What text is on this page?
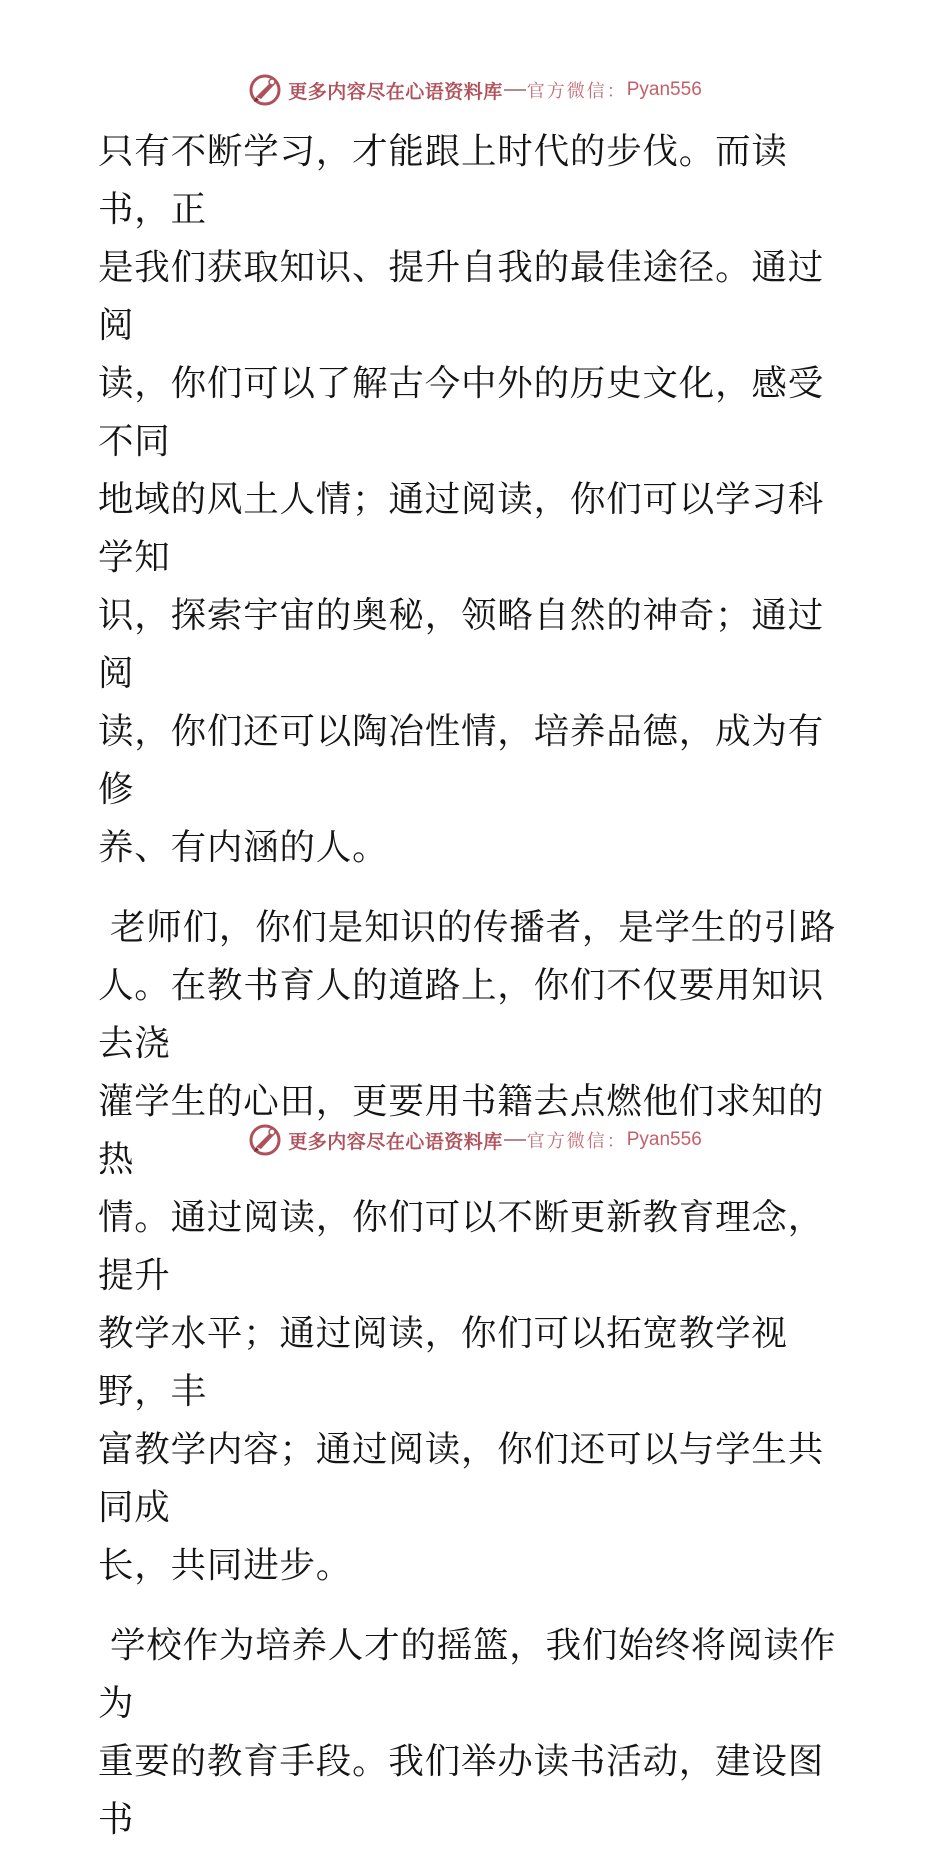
更多内容尽在心语资料库 官方微信： Pyan556
只有不断学习，才能跟上时代的步伐。而读书，正
是我们获取知识、提升自我的最佳途径。通过阅
读，你们可以了解古今中外的历史文化，感受不同
地域的风土人情；通过阅读，你们可以学习科学知
识，探索宇宙的奥秘，领略自然的神奇；通过阅
读，你们还可以陶冶性情，培养品德，成为有修
养、有内涵的人。
老师们，你们是知识的传播者，是学生的引路
人。在教书育人的道路上，你们不仅要用知识去浇
灌学生的心田，更要用书籍去点燃他们求知的热
情。通过阅读，你们可以不断更新教育理念，提升
教学水平；通过阅读，你们可以拓宽教学视野，丰
富教学内容；通过阅读，你们还可以与学生共同成
长，共同进步。
学校作为培养人才的摇篮，我们始终将阅读作为
重要的教育手段。我们举办读书活动，建设图书
更多内容尽在心语资料库 官方微信： Pyan556
